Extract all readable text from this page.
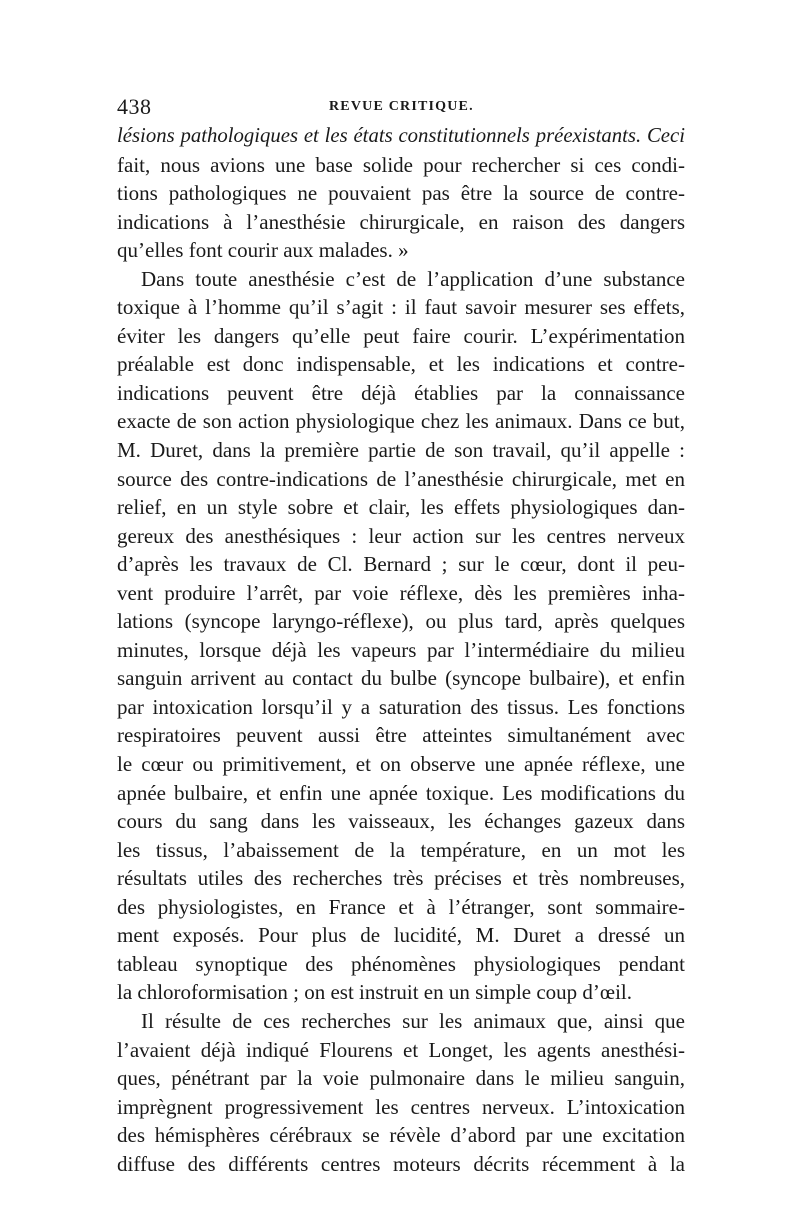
438	REVUE CRITIQUE.
lésions pathologiques et les états constitutionnels préexistants. Ceci
fait, nous avions une base solide pour rechercher si ces condi-
tions pathologiques ne pouvaient pas être la source de contre-
indications à l’anesthésie chirurgicale, en raison des dangers
qu’elles font courir aux malades. »
Dans toute anesthésie c’est de l’application d’une substance
toxique à l’homme qu’il s’agit : il faut savoir mesurer ses effets,
éviter les dangers qu’elle peut faire courir. L’expérimentation
préalable est donc indispensable, et les indications et contre-
indications peuvent être déjà établies par la connaissance
exacte de son action physiologique chez les animaux. Dans ce but,
M. Duret, dans la première partie de son travail, qu’il appelle :
source des contre-indications de l’anesthésie chirurgicale, met en
relief, en un style sobre et clair, les effets physiologiques dan-
gereux des anesthésiques : leur action sur les centres nerveux
d’après les travaux de Cl. Bernard ; sur le cœur, dont il peu-
vent produire l’arrêt, par voie réflexe, dès les premières inha-
lations (syncope laryngo-réflexe), ou plus tard, après quelques
minutes, lorsque déjà les vapeurs par l’intermédiaire du milieu
sanguin arrivent au contact du bulbe (syncope bulbaire), et enfin
par intoxication lorsqu’il y a saturation des tissus. Les fonctions
respiratoires peuvent aussi être atteintes simultanément avec
le cœur ou primitivement, et on observe une apnée réflexe, une
apnée bulbaire, et enfin une apnée toxique. Les modifications du
cours du sang dans les vaisseaux, les échanges gazeux dans
les tissus, l’abaissement de la température, en un mot les
résultats utiles des recherches très précises et très nombreuses,
des physiologistes, en France et à l’étranger, sont sommaire-
ment exposés. Pour plus de lucidité, M. Duret a dressé un
tableau synoptique des phénomènes physiologiques pendant
la chloroformisation ; on est instruit en un simple coup d’œil.
Il résulte de ces recherches sur les animaux que, ainsi que
l’avaient déjà indiqué Flourens et Longet, les agents anesthési-
ques, pénétrant par la voie pulmonaire dans le milieu sanguin,
imprègnent progressivement les centres nerveux. L’intoxication
des hémisphères cérébraux se révèle d’abord par une excitation
diffuse des différents centres moteurs décrits récemment à la
